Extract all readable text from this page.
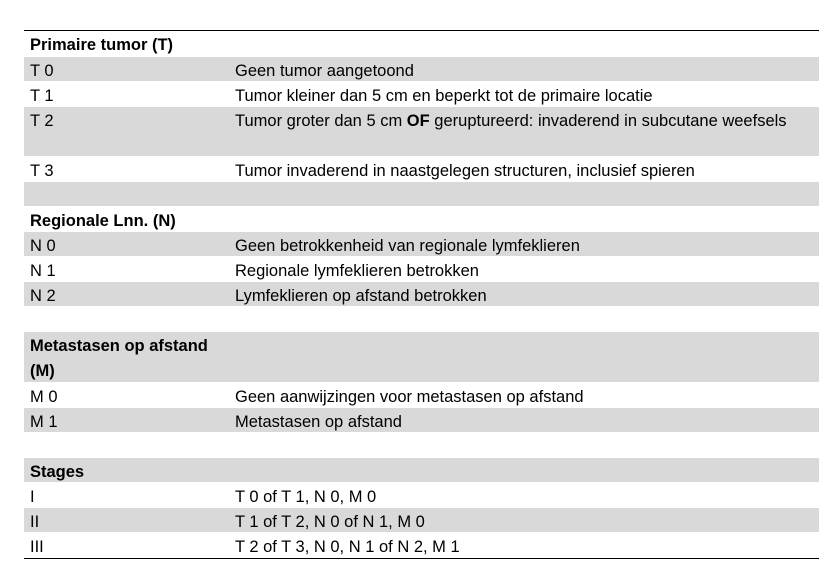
Primaire tumor (T)
T 0	Geen tumor aangetoond
T 1	Tumor kleiner dan 5 cm en beperkt tot de primaire locatie
T 2	Tumor groter dan 5 cm OF geruptureerd: invaderend in subcutane weefsels
T 3	Tumor invaderend in naastgelegen structuren, inclusief spieren
Regionale Lnn. (N)
N 0	Geen betrokkenheid van regionale lymfeklieren
N 1	Regionale lymfeklieren betrokken
N 2	Lymfeklieren op afstand betrokken
Metastasen op afstand (M)
M 0	Geen aanwijzingen voor metastasen op afstand
M 1	Metastasen op afstand
Stages
I	T 0 of T 1, N 0, M 0
II	T 1 of T 2, N 0 of N 1, M 0
III	T 2 of T 3, N 0, N 1 of N 2, M 1
